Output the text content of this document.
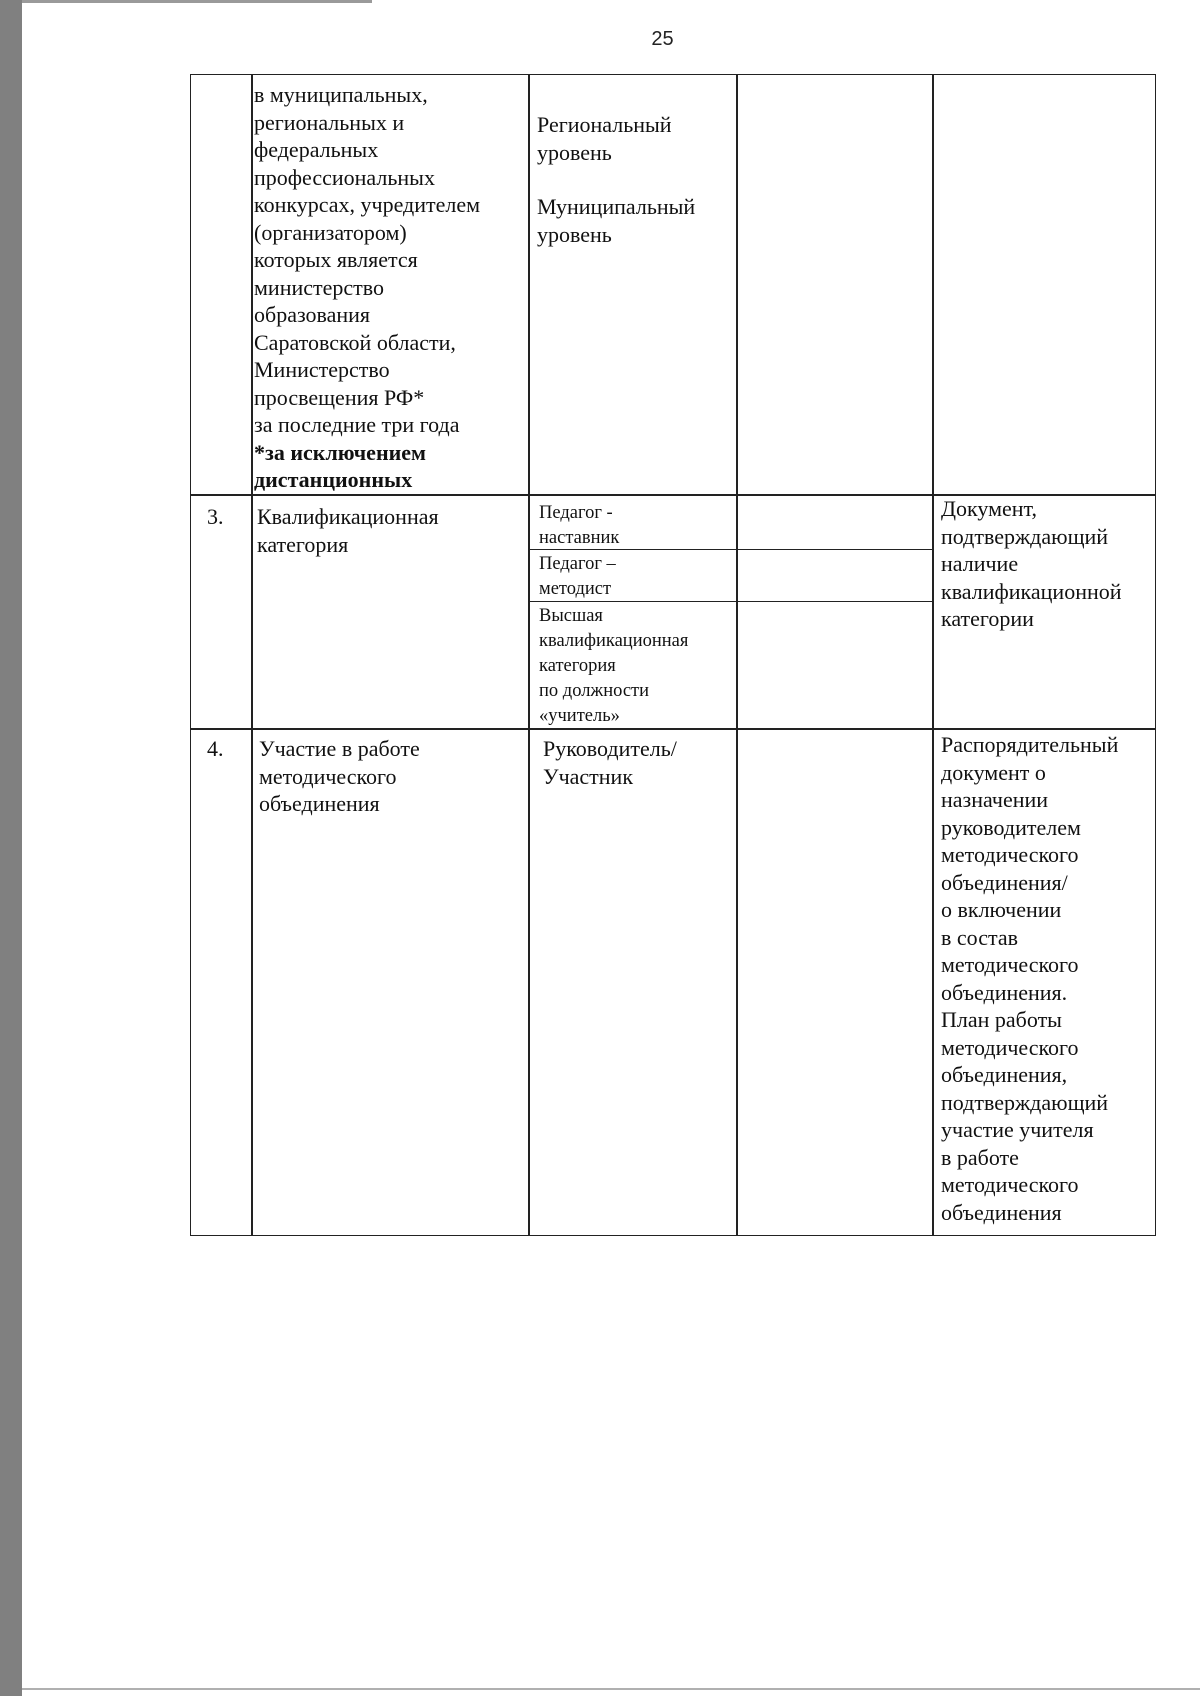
25
в муниципальных,
региональных и
федеральных
профессиональных
конкурсах, учредителем
(организатором)
которых является
министерство
образования
Саратовской области,
Министерство
просвещения РФ*
за последние три года
*за исключением
дистанционных
Региональный
уровень
Муниципальный
уровень
3. Квалификационная
категория
Педагог -
наставник
Педагог –
методист
Высшая
квалификационная
категория
по должности
«учитель»
Документ,
подтверждающий
наличие
квалификационной
категории
4. Участие в работе
методического
объединения
Руководитель/
Участник
Распорядительный
документ о
назначении
руководителем
методического
объединения/
о включении
в состав
методического
объединения.
План работы
методического
объединения,
подтверждающий
участие учителя
в работе
методического
объединения
